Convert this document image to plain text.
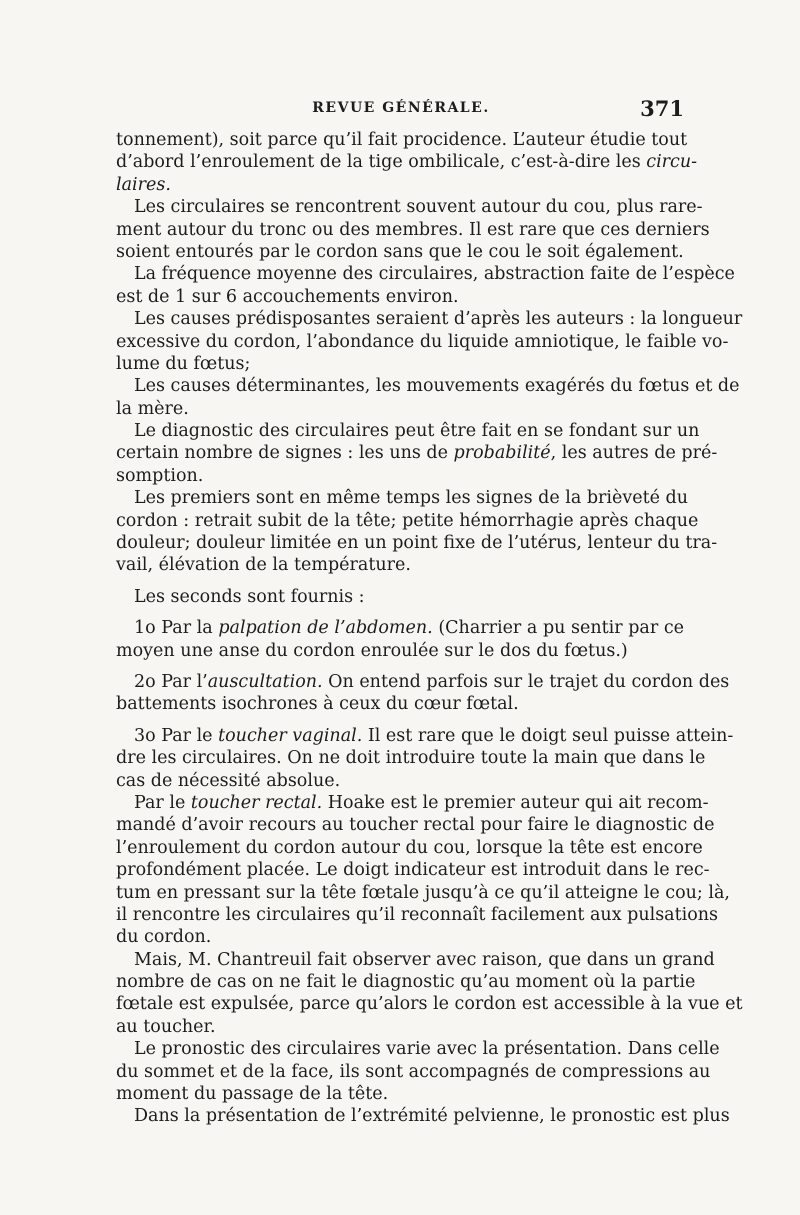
REVUE GÉNÉRALE.	371
tonnement), soit parce qu’il fait procidence. L’auteur étudie tout
d’abord l’enroulement de la tige ombilicale, c’est-à-dire les circu-
laires.
Les circulaires se rencontrent souvent autour du cou, plus rare-
ment autour du tronc ou des membres. Il est rare que ces derniers
soient entourés par le cordon sans que le cou le soit également.
La fréquence moyenne des circulaires, abstraction faite de l’espèce
est de 1 sur 6 accouchements environ.
Les causes prédisposantes seraient d’après les auteurs : la longueur
excessive du cordon, l’abondance du liquide amniotique, le faible vo-
lume du fœtus;
Les causes déterminantes, les mouvements exagérés du fœtus et de
la mère.
Le diagnostic des circulaires peut être fait en se fondant sur un
certain nombre de signes : les uns de probabilité, les autres de pré-
somption.
Les premiers sont en même temps les signes de la brièveté du
cordon : retrait subit de la tête; petite hémorrhagie après chaque
douleur; douleur limitée en un point fixe de l’utérus, lenteur du tra-
vail, élévation de la température.
Les seconds sont fournis :
1o Par la palpation de l’abdomen. (Charrier a pu sentir par ce
moyen une anse du cordon enroulée sur le dos du fœtus.)
2o Par l’auscultation. On entend parfois sur le trajet du cordon des
battements isochrones à ceux du cœur fœtal.
3o Par le toucher vaginal. Il est rare que le doigt seul puisse attein-
dre les circulaires. On ne doit introduire toute la main que dans le
cas de nécessité absolue.
Par le toucher rectal. Hoake est le premier auteur qui ait recom-
mandé d’avoir recours au toucher rectal pour faire le diagnostic de
l’enroulement du cordon autour du cou, lorsque la tête est encore
profondément placée. Le doigt indicateur est introduit dans le rec-
tum en pressant sur la tête fœtale jusqu’à ce qu’il atteigne le cou; là,
il rencontre les circulaires qu’il reconnaît facilement aux pulsations
du cordon.
Mais, M. Chantreuil fait observer avec raison, que dans un grand
nombre de cas on ne fait le diagnostic qu’au moment où la partie
fœtale est expulsée, parce qu’alors le cordon est accessible à la vue et
au toucher.
Le pronostic des circulaires varie avec la présentation. Dans celle
du sommet et de la face, ils sont accompagnés de compressions au
moment du passage de la tête.
Dans la présentation de l’extrémité pelvienne, le pronostic est plus
